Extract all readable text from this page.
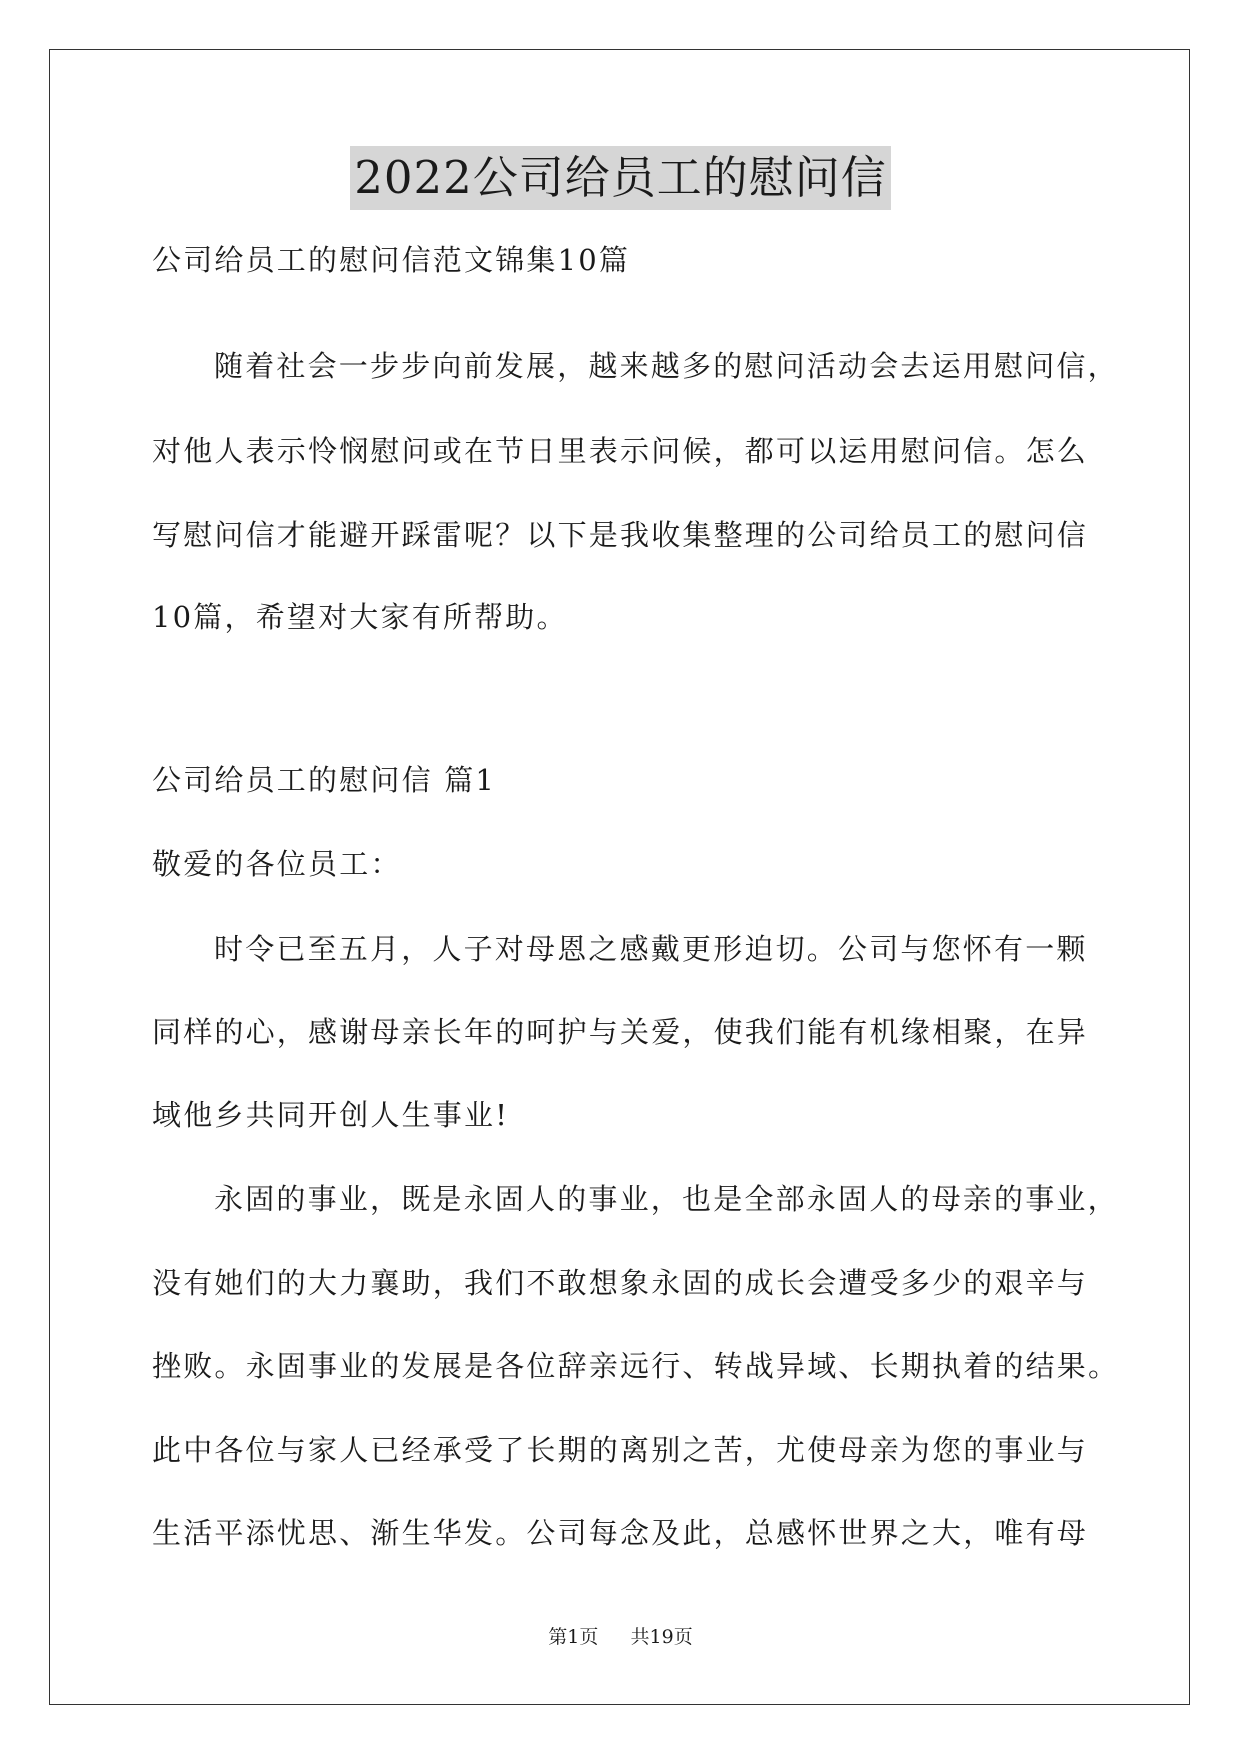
2022公司给员工的慰问信
公司给员工的慰问信范文锦集10篇
随着社会一步步向前发展，越来越多的慰问活动会去运用慰问信，
对他人表示怜悯慰问或在节日里表示问候，都可以运用慰问信。怎么
写慰问信才能避开踩雷呢？以下是我收集整理的公司给员工的慰问信
10篇，希望对大家有所帮助。
公司给员工的慰问信 篇1
敬爱的各位员工：
时令已至五月，人子对母恩之感戴更形迫切。公司与您怀有一颗
同样的心，感谢母亲长年的呵护与关爱，使我们能有机缘相聚，在异
域他乡共同开创人生事业!
永固的事业，既是永固人的事业，也是全部永固人的母亲的事业，
没有她们的大力襄助，我们不敢想象永固的成长会遭受多少的艰辛与
挫败。永固事业的发展是各位辞亲远行、转战异域、长期执着的结果。
此中各位与家人已经承受了长期的离别之苦，尤使母亲为您的事业与
生活平添忧思、渐生华发。公司每念及此，总感怀世界之大，唯有母
第1页 共19页
